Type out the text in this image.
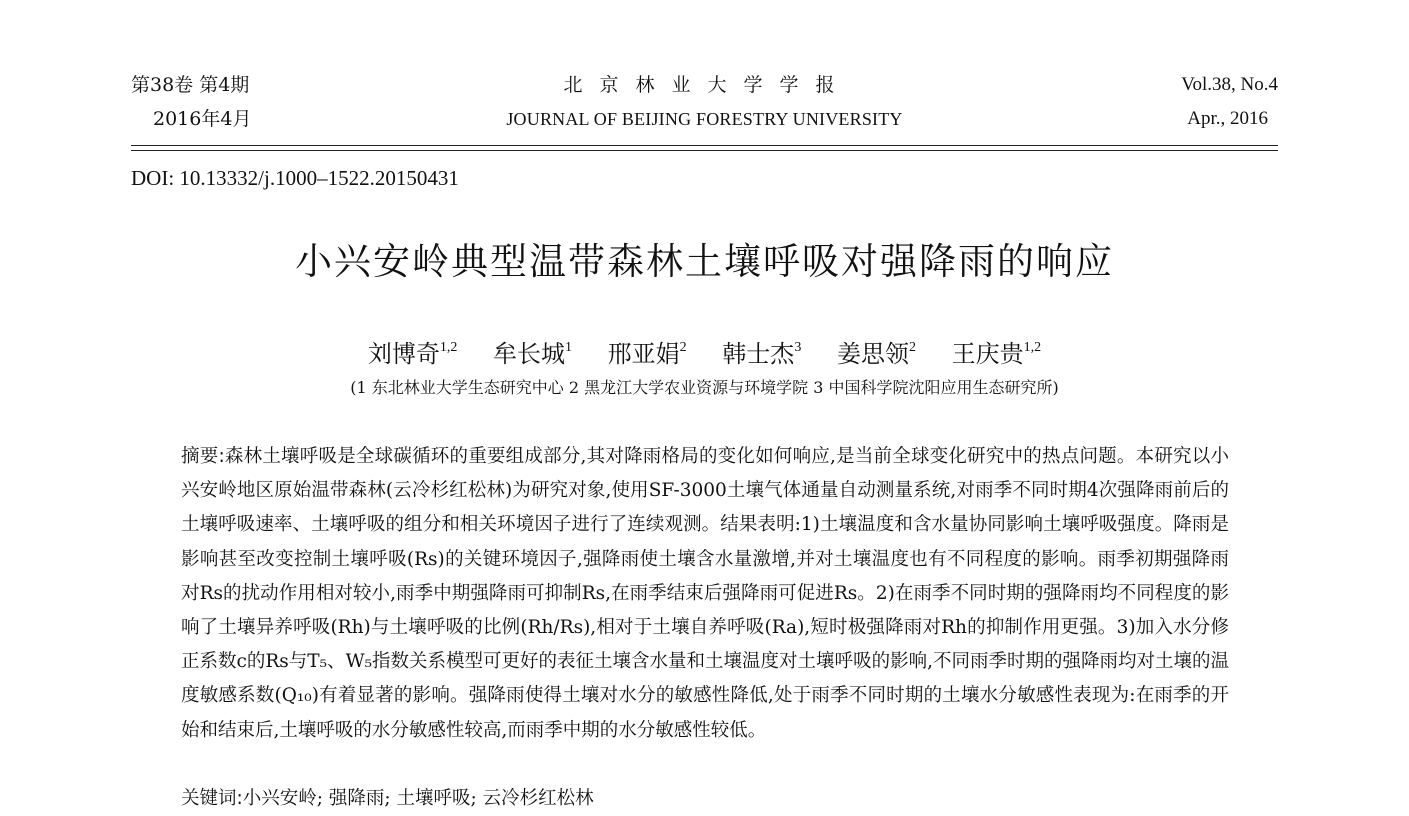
第38卷 第4期
2016年4月
北京林业大学学报
JOURNAL OF BEIJING FORESTRY UNIVERSITY
Vol.38, No.4
Apr., 2016
DOI: 10.13332/j.1000–1522.20150431
小兴安岭典型温带森林土壤呼吸对强降雨的响应
刘博奇$^{1,2}$ 牟长城$^1$ 邢亚娟$^2$ 韩士杰$^3$ 姜思领$^2$ 王庆贵$^{1,2}$
(1 东北林业大学生态研究中心 2 黑龙江大学农业资源与环境学院 3 中国科学院沈阳应用生态研究所)
摘要:森林土壤呼吸是全球碳循环的重要组成部分,其对降雨格局的变化如何响应,是当前全球变化研究中的热点问题。本研究以小兴安岭地区原始温带森林(云冷杉红松林)为研究对象,使用SF-3000土壤气体通量自动测量系统,对雨季不同时期4次强降雨前后的土壤呼吸速率、土壤呼吸的组分和相关环境因子进行了连续观测。结果表明:1)土壤温度和含水量协同影响土壤呼吸强度。降雨是影响甚至改变控制土壤呼吸(Rs)的关键环境因子,强降雨使土壤含水量激增,并对土壤温度也有不同程度的影响。雨季初期强降雨对Rs的扰动作用相对较小,雨季中期强降雨可抑制Rs,在雨季结束后强降雨可促进Rs。2)在雨季不同时期的强降雨均不同程度的影响了土壤异养呼吸(Rh)与土壤呼吸的比例(Rh/Rs),相对于土壤自养呼吸(Ra),短时极强降雨对Rh的抑制作用更强。3)加入水分修正系数c的Rs与T₅、W₅指数关系模型可更好的表征土壤含水量和土壤温度对土壤呼吸的影响,不同雨季时期的强降雨均对土壤的温度敏感系数(Q₁₀)有着显著的影响。强降雨使得土壤对水分的敏感性降低,处于雨季不同时期的土壤水分敏感性表现为:在雨季的开始和结束后,土壤呼吸的水分敏感性较高,而雨季中期的水分敏感性较低。
关键词:小兴安岭; 强降雨; 土壤呼吸; 云冷杉红松林
